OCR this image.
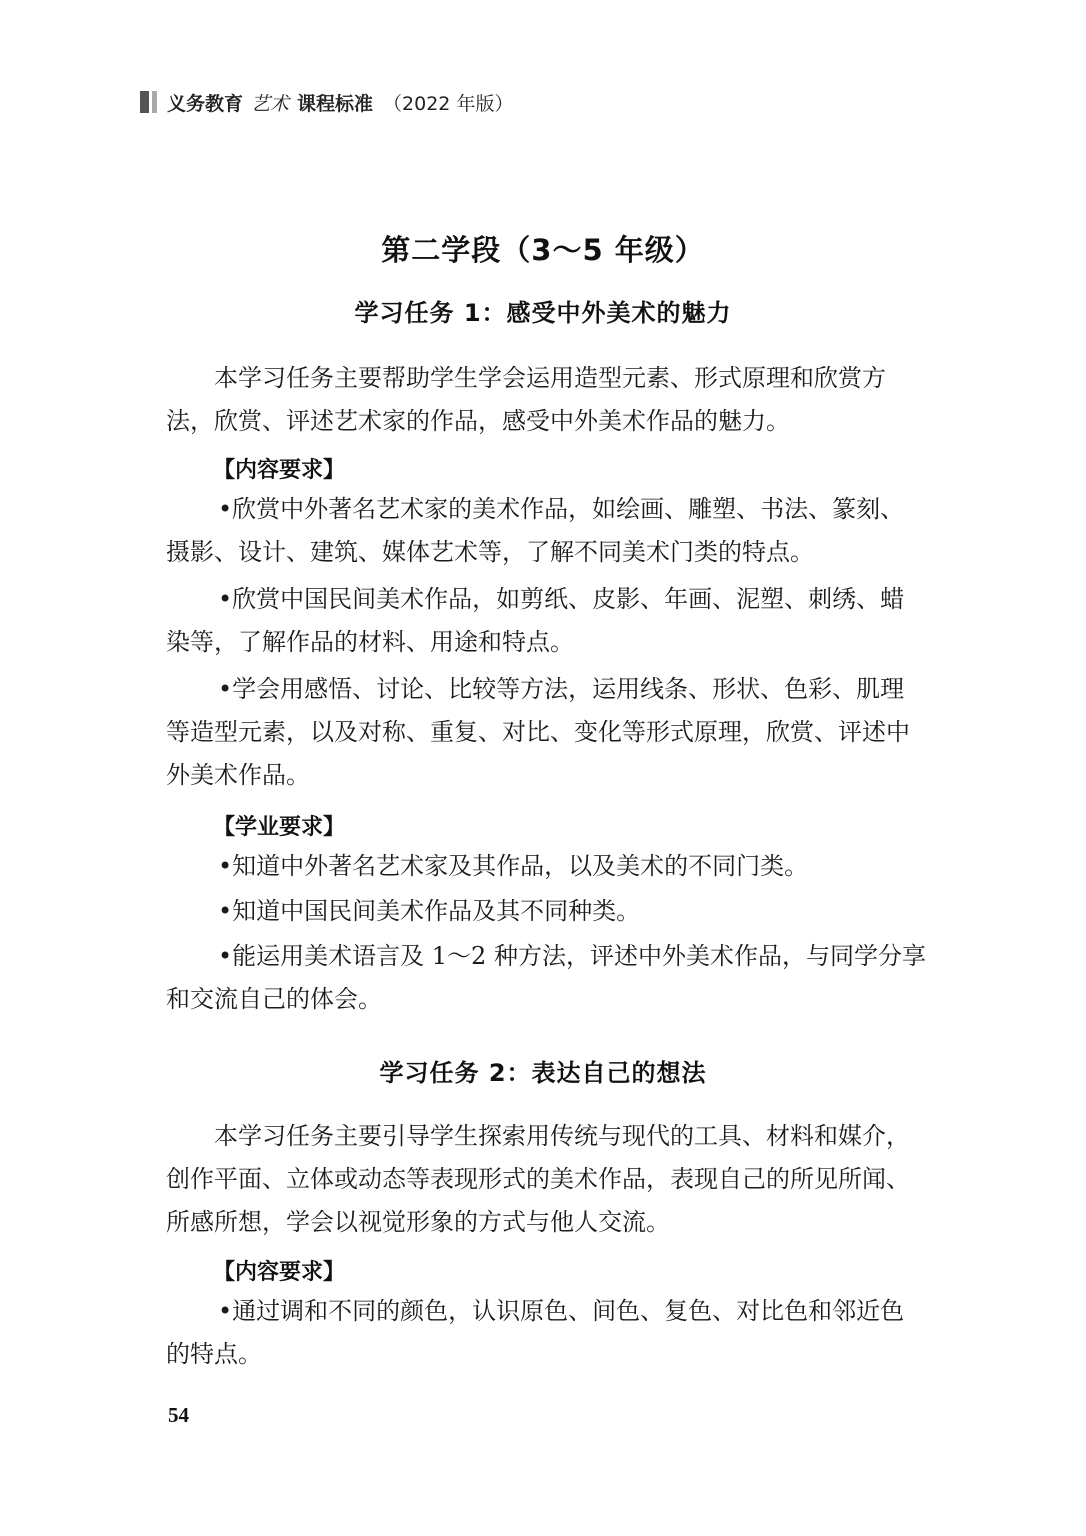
义务教育 艺术 课程标准 （2022 年版）
第二学段（3～5 年级）
学习任务 1：感受中外美术的魅力
本学习任务主要帮助学生学会运用造型元素、形式原理和欣赏方法，欣赏、评述艺术家的作品，感受中外美术作品的魅力。
【内容要求】
•欣赏中外著名艺术家的美术作品，如绘画、雕塑、书法、篆刻、摄影、设计、建筑、媒体艺术等，了解不同美术门类的特点。
•欣赏中国民间美术作品，如剪纸、皮影、年画、泥塑、刺绣、蜡染等，了解作品的材料、用途和特点。
•学会用感悟、讨论、比较等方法，运用线条、形状、色彩、肌理等造型元素，以及对称、重复、对比、变化等形式原理，欣赏、评述中外美术作品。
【学业要求】
•知道中外著名艺术家及其作品，以及美术的不同门类。
•知道中国民间美术作品及其不同种类。
•能运用美术语言及 1～2 种方法，评述中外美术作品，与同学分享和交流自己的体会。
学习任务 2：表达自己的想法
本学习任务主要引导学生探索用传统与现代的工具、材料和媒介，创作平面、立体或动态等表现形式的美术作品，表现自己的所见所闻、所感所想，学会以视觉形象的方式与他人交流。
【内容要求】
•通过调和不同的颜色，认识原色、间色、复色、对比色和邻近色的特点。
54
